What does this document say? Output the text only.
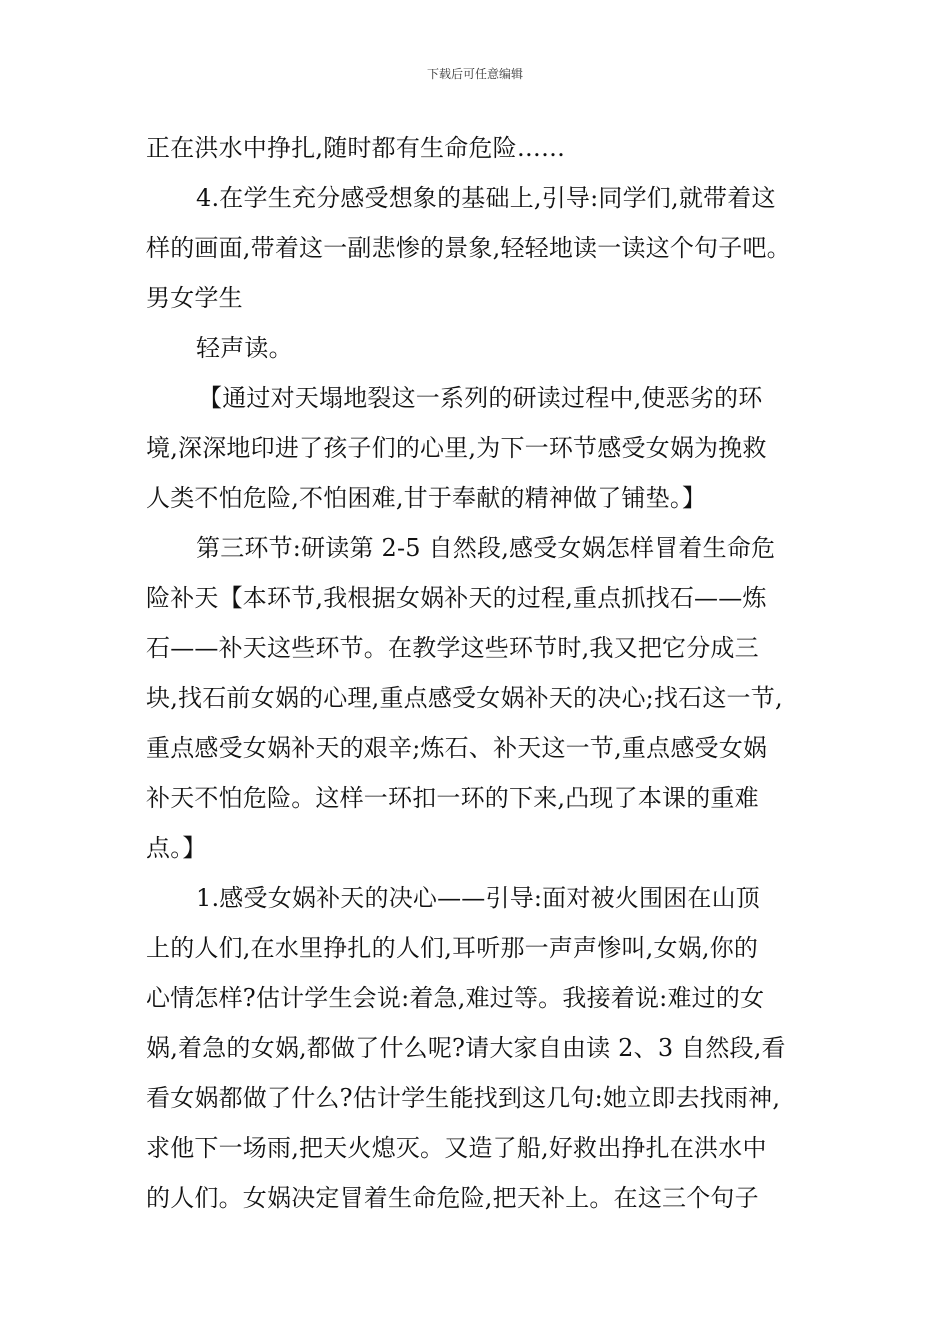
下载后可任意编辑
正在洪水中挣扎,随时都有生命危险……
4.在学生充分感受想象的基础上,引导:同学们,就带着这
样的画面,带着这一副悲惨的景象,轻轻地读一读这个句子吧。
男女学生
轻声读。
【通过对天塌地裂这一系列的研读过程中,使恶劣的环
境,深深地印进了孩子们的心里,为下一环节感受女娲为挽救
人类不怕危险,不怕困难,甘于奉献的精神做了铺垫。】
第三环节:研读第 2-5 自然段,感受女娲怎样冒着生命危
险补天【本环节,我根据女娲补天的过程,重点抓找石——炼
石——补天这些环节。在教学这些环节时,我又把它分成三
块,找石前女娲的心理,重点感受女娲补天的决心;找石这一节,
重点感受女娲补天的艰辛;炼石、补天这一节,重点感受女娲
补天不怕危险。这样一环扣一环的下来,凸现了本课的重难
点。】
1.感受女娲补天的决心——引导:面对被火围困在山顶
上的人们,在水里挣扎的人们,耳听那一声声惨叫,女娲,你的
心情怎样?估计学生会说:着急,难过等。我接着说:难过的女
娲,着急的女娲,都做了什么呢?请大家自由读 2、3 自然段,看
看女娲都做了什么?估计学生能找到这几句:她立即去找雨神,
求他下一场雨,把天火熄灭。又造了船,好救出挣扎在洪水中
的人们。女娲决定冒着生命危险,把天补上。在这三个句子
